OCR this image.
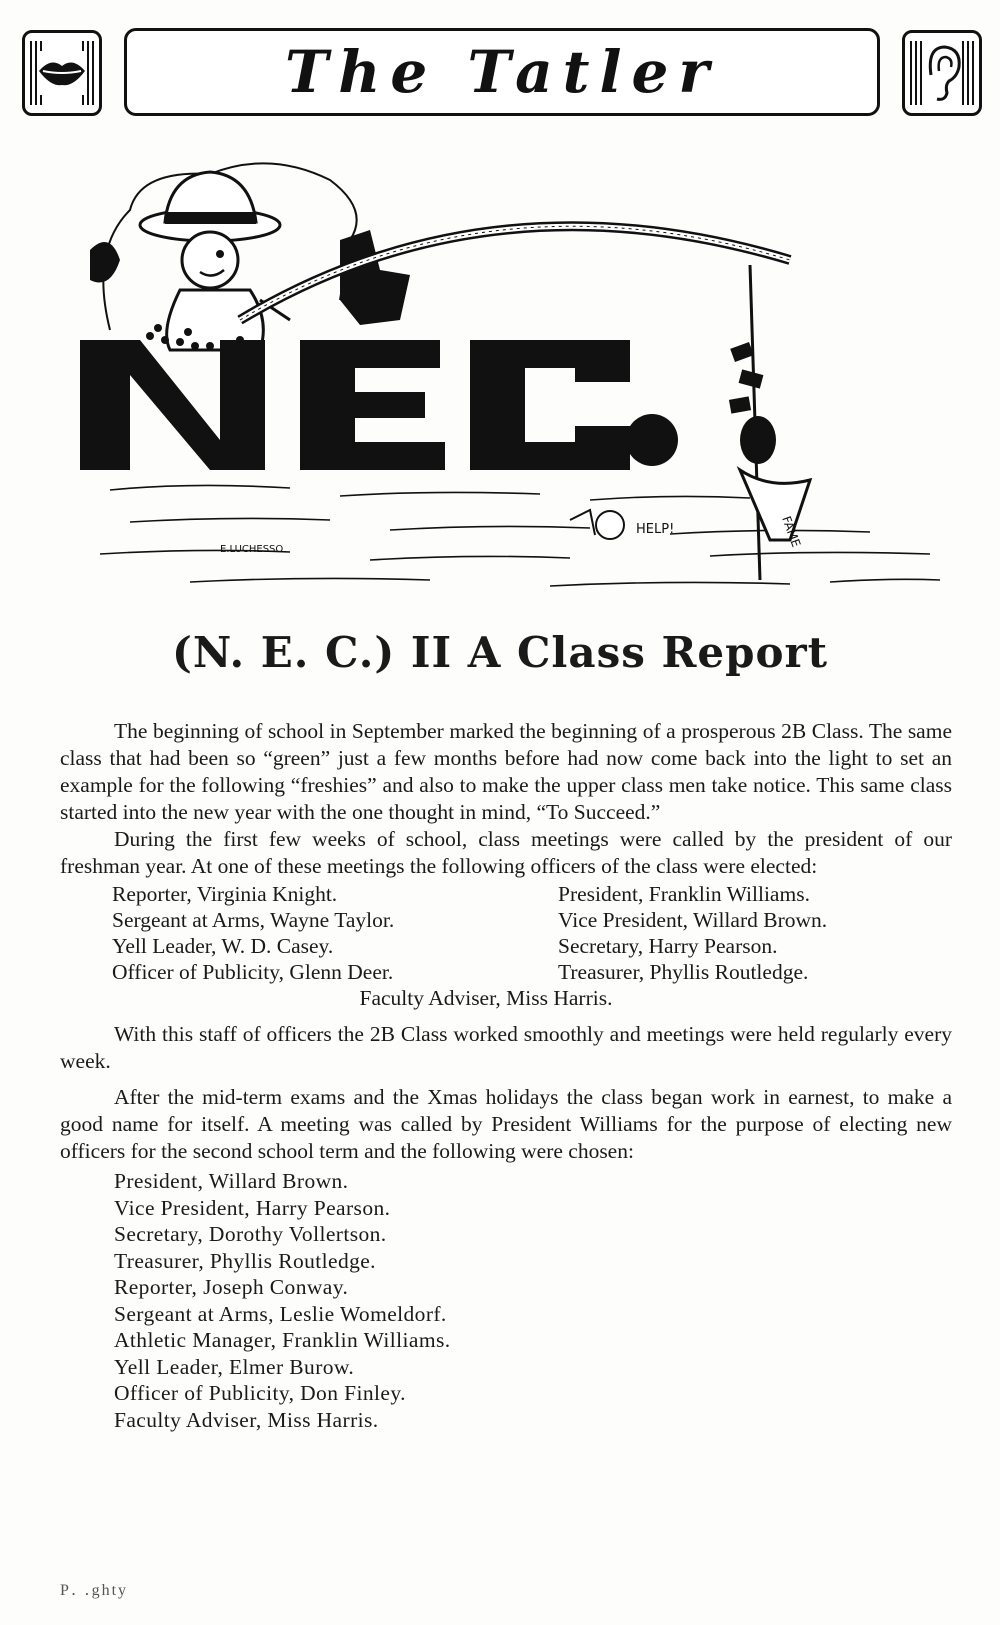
The Tatler
FAME
HELP!
E.LUCHESSO
(N. E. C.) II A Class Report

The beginning of school in September marked the beginning of a prosperous 2B Class. The same class that had been so “green” just a few months before had now come back into the light to set an example for the following “freshies” and also to make the upper class men take notice. This same class started into the new year with the one thought in mind, “To Succeed.”

During the first few weeks of school, class meetings were called by the president of our freshman year. At one of these meetings the following officers of the class were elected:

Reporter, Virginia Knight.	President, Franklin Williams.
Sergeant at Arms, Wayne Taylor.	Vice President, Willard Brown.
Yell Leader, W. D. Casey.	Secretary, Harry Pearson.
Officer of Publicity, Glenn Deer.	Treasurer, Phyllis Routledge.
Faculty Adviser, Miss Harris.

With this staff of officers the 2B Class worked smoothly and meetings were held regularly every week.

After the mid-term exams and the Xmas holidays the class began work in earnest, to make a good name for itself. A meeting was called by President Williams for the purpose of electing new officers for the second school term and the following were chosen:

President, Willard Brown.
Vice President, Harry Pearson.
Secretary, Dorothy Vollertson.
Treasurer, Phyllis Routledge.
Reporter, Joseph Conway.
Sergeant at Arms, Leslie Womeldorf.
Athletic Manager, Franklin Williams.
Yell Leader, Elmer Burow.
Officer of Publicity, Don Finley.
Faculty Adviser, Miss Harris.
P․ ․ghty
